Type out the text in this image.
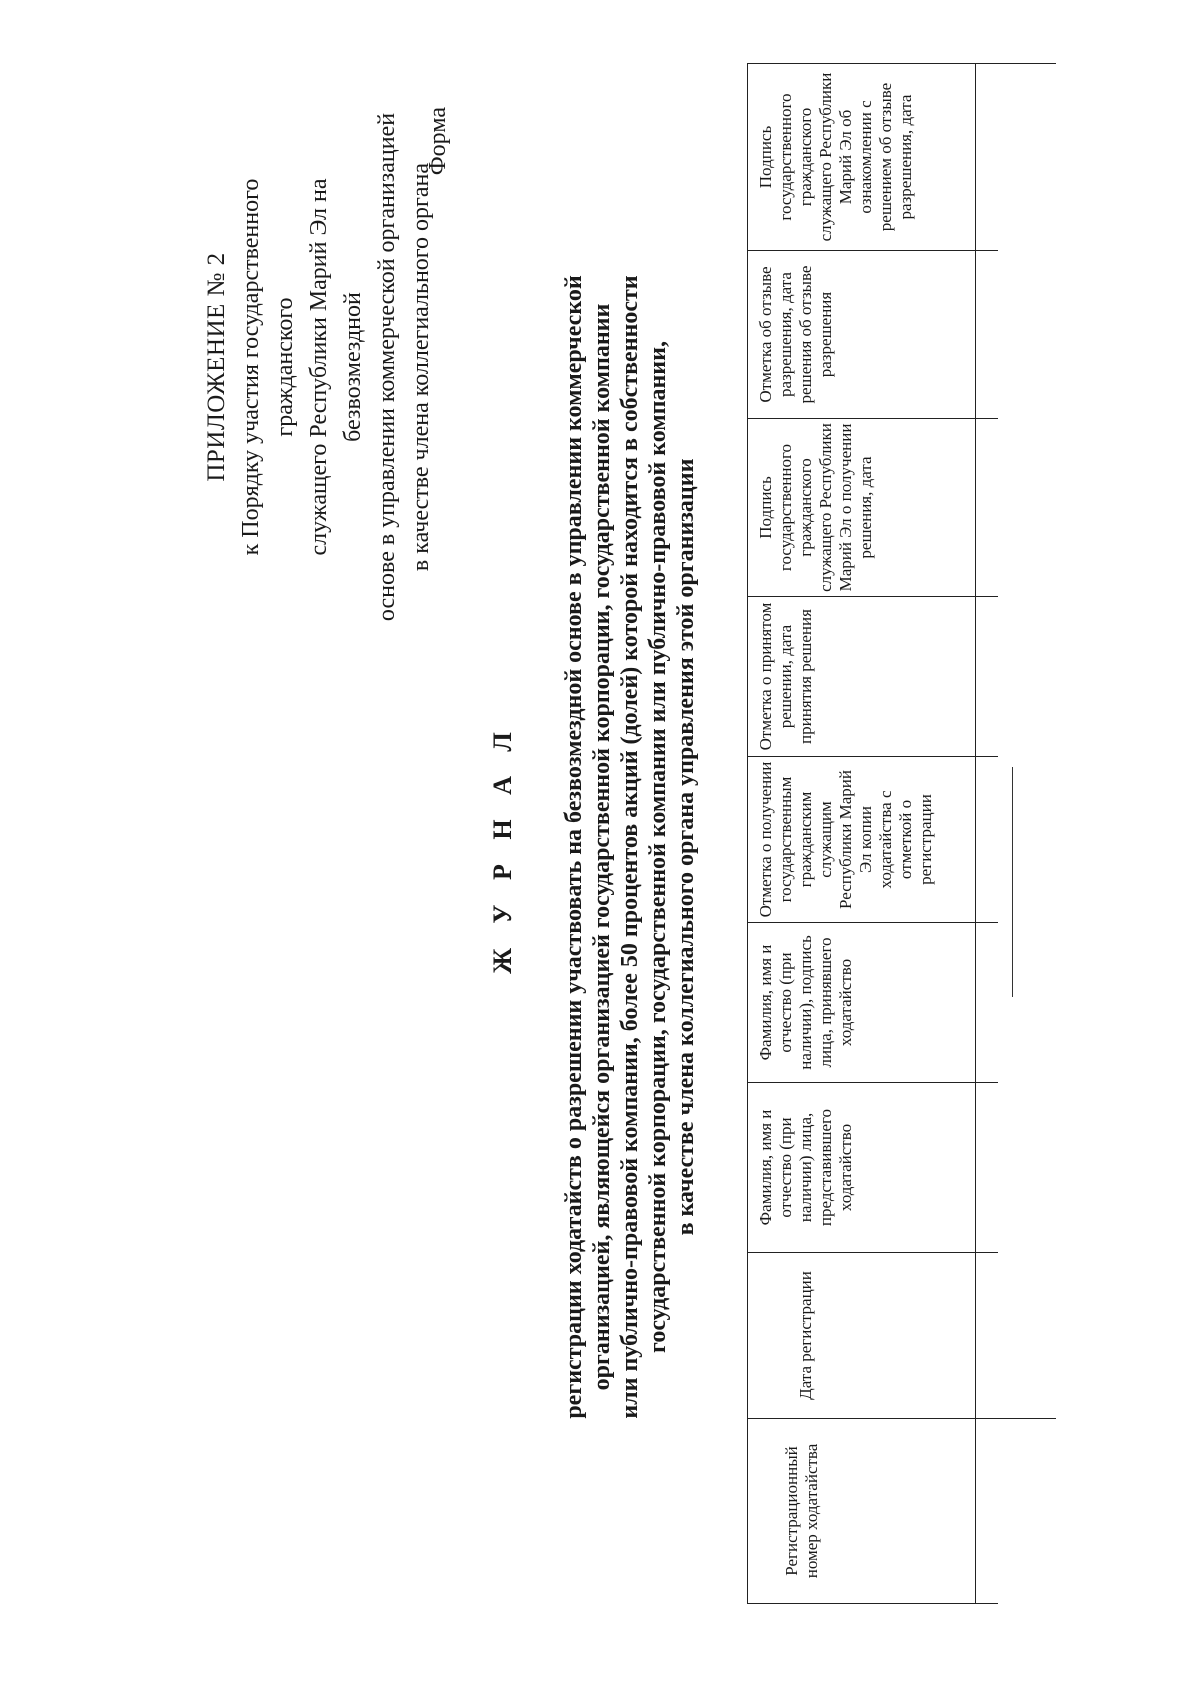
ПРИЛОЖЕНИЕ № 2 к Порядку участия государственного гражданского служащего Республики Марий Эл на безвозмездной основе в управлении коммерческой организацией в качестве члена коллегиального органа
Форма
Ж У Р Н А Л регистрации ходатайств о разрешении участвовать на безвозмездной основе в управлении коммерческой организацией, являющейся организацией государственной корпорации, государственной компании или публично-правовой компании, более 50 процентов акций (долей) которой находится в собственности государственной корпорации, государственной компании или публично-правовой компании, в качестве члена коллегиального органа управления этой организации

Регистрационный номер ходатайства	Дата регистрации	Фамилия, имя и отчество (при наличии) лица, представившего ходатайство	Фамилия, имя и отчество (при наличии), подпись лица, принявшего ходатайство	Отметка о получении государственным гражданским служащим Республики Марий Эл копии ходатайства с отметкой о регистрации	Отметка о принятом решении, дата принятия решения	Подпись государственного гражданского служащего Республики Марий Эл о получении решения, дата	Отметка об отзыве разрешения, дата решения об отзыве разрешения	Подпись государственного гражданского служащего Республики Марий Эл об ознакомлении с решением об отзыве разрешения, дата
